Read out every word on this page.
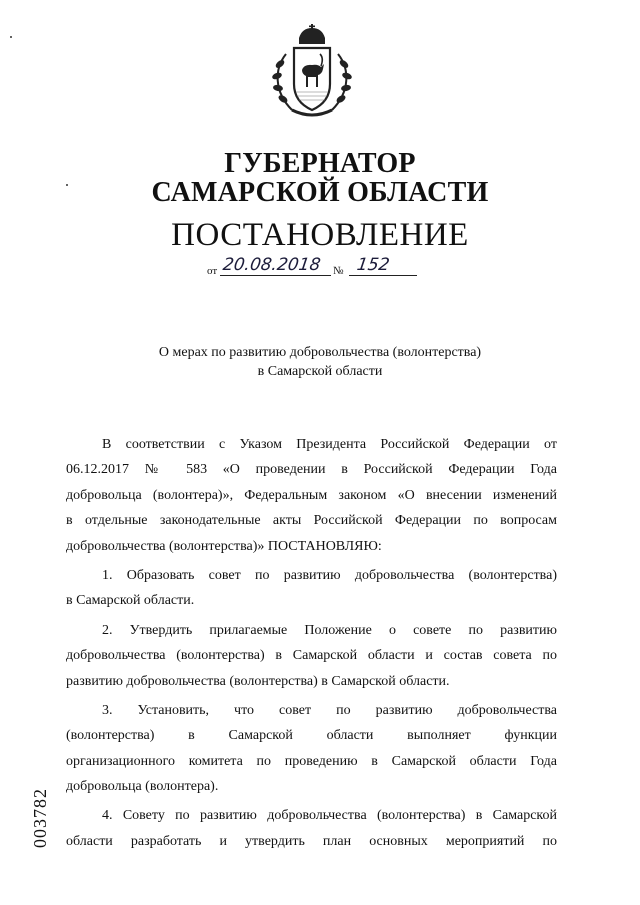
ГУБЕРНАТОР
САМАРСКОЙ ОБЛАСТИ
ПОСТАНОВЛЕНИЕ
от 20.08.2018 № 152
О мерах по развитию добровольчества (волонтерства)
в Самарской области
В соответствии с Указом Президента Российской Федерации от
06.12.2017 № 583 «О проведении в Российской Федерации Года
добровольца (волонтера)», Федеральным законом «О внесении изменений
в отдельные законодательные акты Российской Федерации по вопросам
добровольчества (волонтерства)» ПОСТАНОВЛЯЮ:
1. Образовать совет по развитию добровольчества (волонтерства)
в Самарской области.
2. Утвердить прилагаемые Положение о совете по развитию
добровольчества (волонтерства) в Самарской области и состав совета по
развитию добровольчества (волонтерства) в Самарской области.
3. Установить, что совет по развитию добровольчества
(волонтерства) в Самарской области выполняет функции
организационного комитета по проведению в Самарской области Года
добровольца (волонтера).
4. Совету по развитию добровольчества (волонтерства) в Самарской
области разработать и утвердить план основных мероприятий по
003782
